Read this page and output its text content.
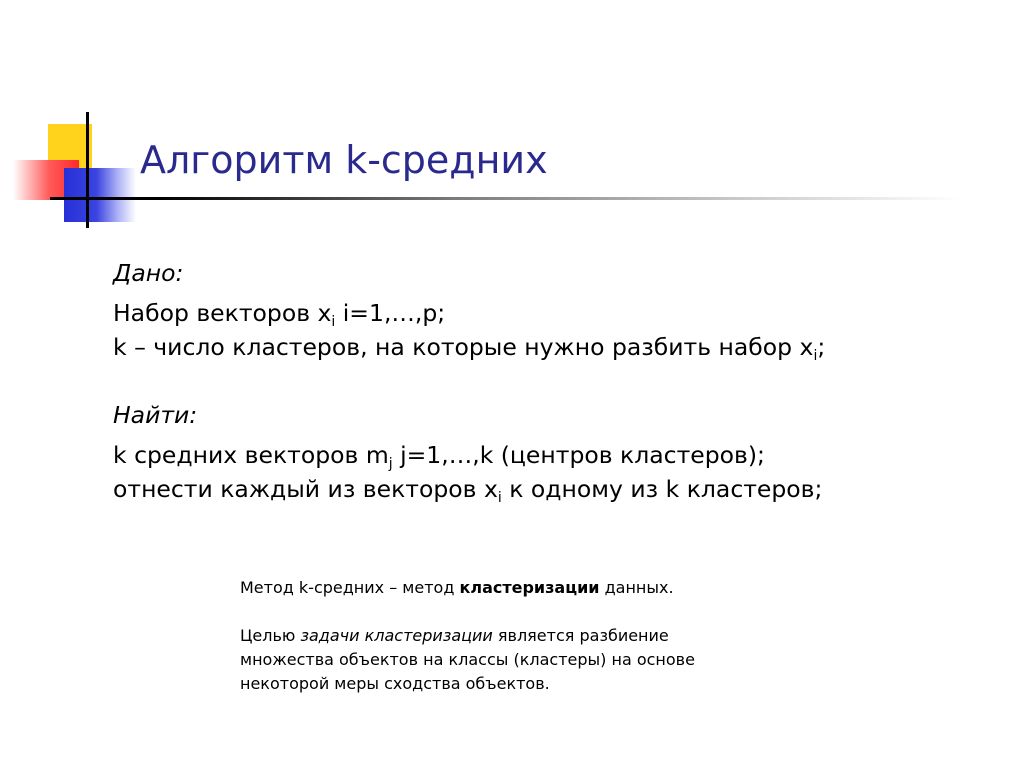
Алгоритм k-средних

Дано:

Набор векторов $x_i$ i=1,…,p;

k – число кластеров, на которые нужно разбить набор $x_i$;

Найти:

k средних векторов $m_j$ j=1,…,k (центров кластеров);

отнести каждый из векторов $x_i$ к одному из k кластеров;

Метод k-средних – метод кластеризации данных.

Целью задачи кластеризации является разбиение

множества объектов на классы (кластеры) на основе

некоторой меры сходства объектов.
